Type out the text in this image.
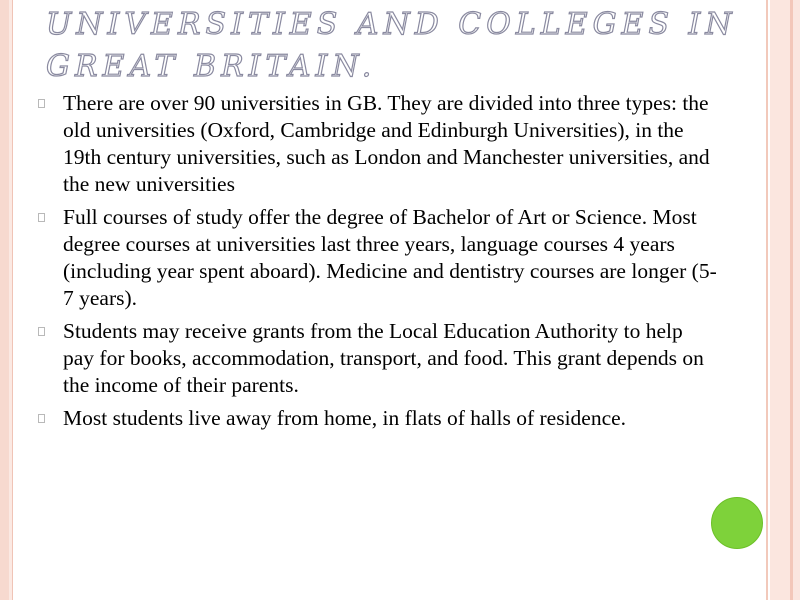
UNIVERSITIES AND COLLEGES IN GREAT BRITAIN.
There are over 90 universities in GB. They are divided into three types: the old universities (Oxford, Cambridge and Edinburgh Universities), in the 19th century universities, such as London and Manchester universities, and the new universities
Full courses of study offer the degree of Bachelor of Art or Science. Most degree courses at universities last three years, language courses 4 years (including year spent aboard). Medicine and dentistry courses are longer (5-7 years).
Students may receive grants from the Local Education Authority to help pay for books, accommodation, transport, and food. This grant depends on the income of their parents.
Most students live away from home, in flats of halls of residence.
